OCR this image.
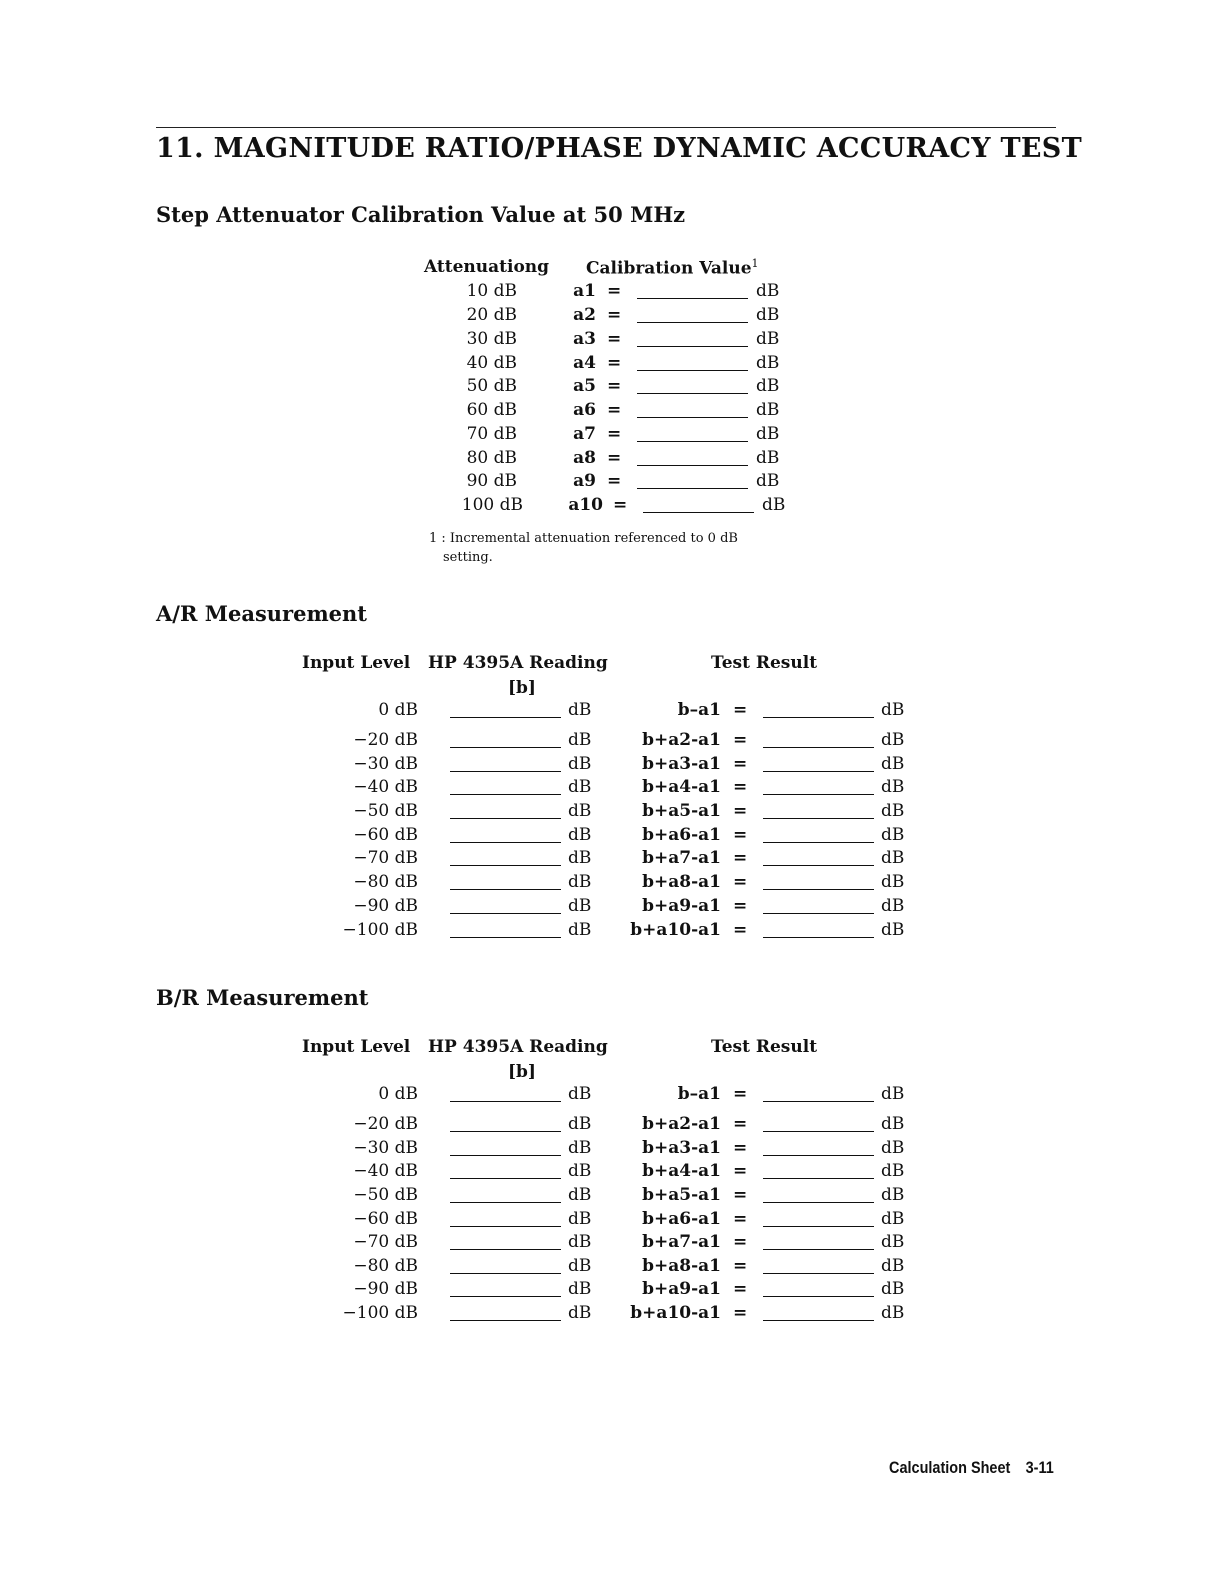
11. MAGNITUDE RATIO/PHASE DYNAMIC ACCURACY TEST
Step Attenuator Calibration Value at 50 MHz
Attenuationg Calibration Value$^1$
10 dB	a1 =	dB
20 dB	a2 =	dB
30 dB	a3 =	dB
40 dB	a4 =	dB
50 dB	a5 =	dB
60 dB	a6 =	dB
70 dB	a7 =	dB
80 dB	a8 =	dB
90 dB	a9 =	dB
100 dB	a10 =	dB
1 : Incremental attenuation referenced to 0 dB
setting.
A/R Measurement
Input Level HP 4395A Reading
[b]
Test Result
0 dB	dB	b–a1 =	dB
−20 dB	dB	b+a2-a1 =	dB
−30 dB	dB	b+a3-a1 =	dB
−40 dB	dB	b+a4-a1 =	dB
−50 dB	dB	b+a5-a1 =	dB
−60 dB	dB	b+a6-a1 =	dB
−70 dB	dB	b+a7-a1 =	dB
−80 dB	dB	b+a8-a1 =	dB
−90 dB	dB	b+a9-a1 =	dB
−100 dB	dB	b+a10-a1 =	dB
B/R Measurement
Input Level HP 4395A Reading
[b]
Test Result
0 dB	dB	b–a1 =	dB
−20 dB	dB	b+a2-a1 =	dB
−30 dB	dB	b+a3-a1 =	dB
−40 dB	dB	b+a4-a1 =	dB
−50 dB	dB	b+a5-a1 =	dB
−60 dB	dB	b+a6-a1 =	dB
−70 dB	dB	b+a7-a1 =	dB
−80 dB	dB	b+a8-a1 =	dB
−90 dB	dB	b+a9-a1 =	dB
−100 dB	dB	b+a10-a1 =	dB
Calculation Sheet 3-11
